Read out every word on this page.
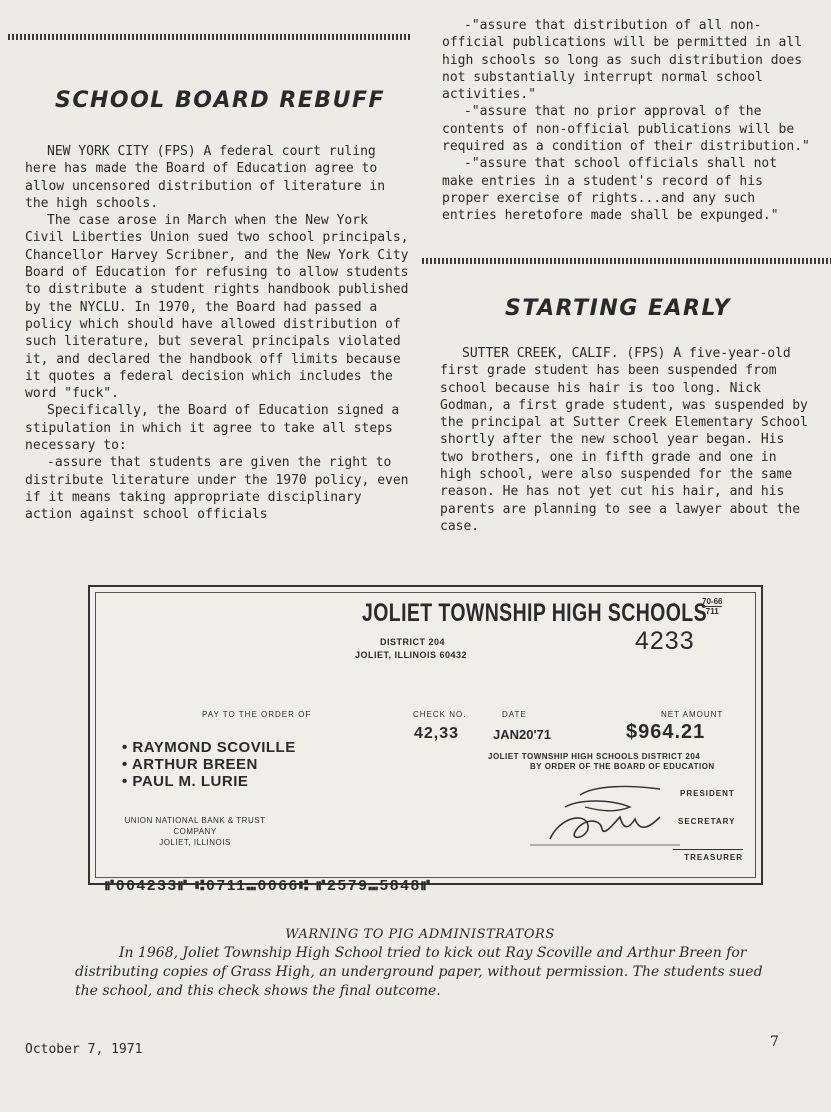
SCHOOL BOARD REBUFF

NEW YORK CITY (FPS) A federal court ruling here has made the Board of Education agree to allow uncensored distribution of literature in the high schools.

The case arose in March when the New York Civil Liberties Union sued two school principals, Chancellor Harvey Scribner, and the New York City Board of Education for refusing to allow students to distribute a student rights handbook published by the NYCLU. In 1970, the Board had passed a policy which should have allowed distribution of such literature, but several principals violated it, and declared the handbook off limits because it quotes a federal decision which includes the word "fuck".

Specifically, the Board of Education signed a stipulation in which it agree to take all steps necessary to:

-assure that students are given the right to distribute literature under the 1970 policy, even if it means taking appropriate disciplinary action against school officials

-"assure that distribution of all non-official publications will be permitted in all high schools so long as such distribution does not substantially interrupt normal school activities."

-"assure that no prior approval of the contents of non-official publications will be required as a condition of their distribution."

-"assure that school officials shall not make entries in a student's record of his proper exercise of rights...and any such entries heretofore made shall be expunged."

STARTING EARLY

SUTTER CREEK, CALIF. (FPS) A five-year-old first grade student has been suspended from school because his hair is too long. Nick Godman, a first grade student, was suspended by the principal at Sutter Creek Elementary School shortly after the new school year began. His two brothers, one in fifth grade and one in high school, were also suspended for the same reason. He has not yet cut his hair, and his parents are planning to see a lawyer about the case.

JOLIET TOWNSHIP HIGH SCHOOLS
DISTRICT 204
JOLIET, ILLINOIS 60432
70-66
711
4233
PAY TO THE ORDER OF	CHECK NO.	DATE	NET AMOUNT
42,33	JAN20'71	$964.21
• RAYMOND SCOVILLE
• ARTHUR BREEN
• PAUL M. LURIE
JOLIET TOWNSHIP HIGH SCHOOLS DISTRICT 204
BY ORDER OF THE BOARD OF EDUCATION
PRESIDENT
SECRETARY
TREASURER
UNION NATIONAL BANK & TRUST
COMPANY
JOLIET, ILLINOIS
⑈004233⑈ ⑆0711⑉0066⑆ ⑈2579⑉5848⑈
WARNING TO PIG ADMINISTRATORS
In 1968, Joliet Township High School tried to kick out Ray Scoville and Arthur Breen for distributing copies of Grass High, an underground paper, without permission. The students sued the school, and this check shows the final outcome.
October 7, 1971	7
